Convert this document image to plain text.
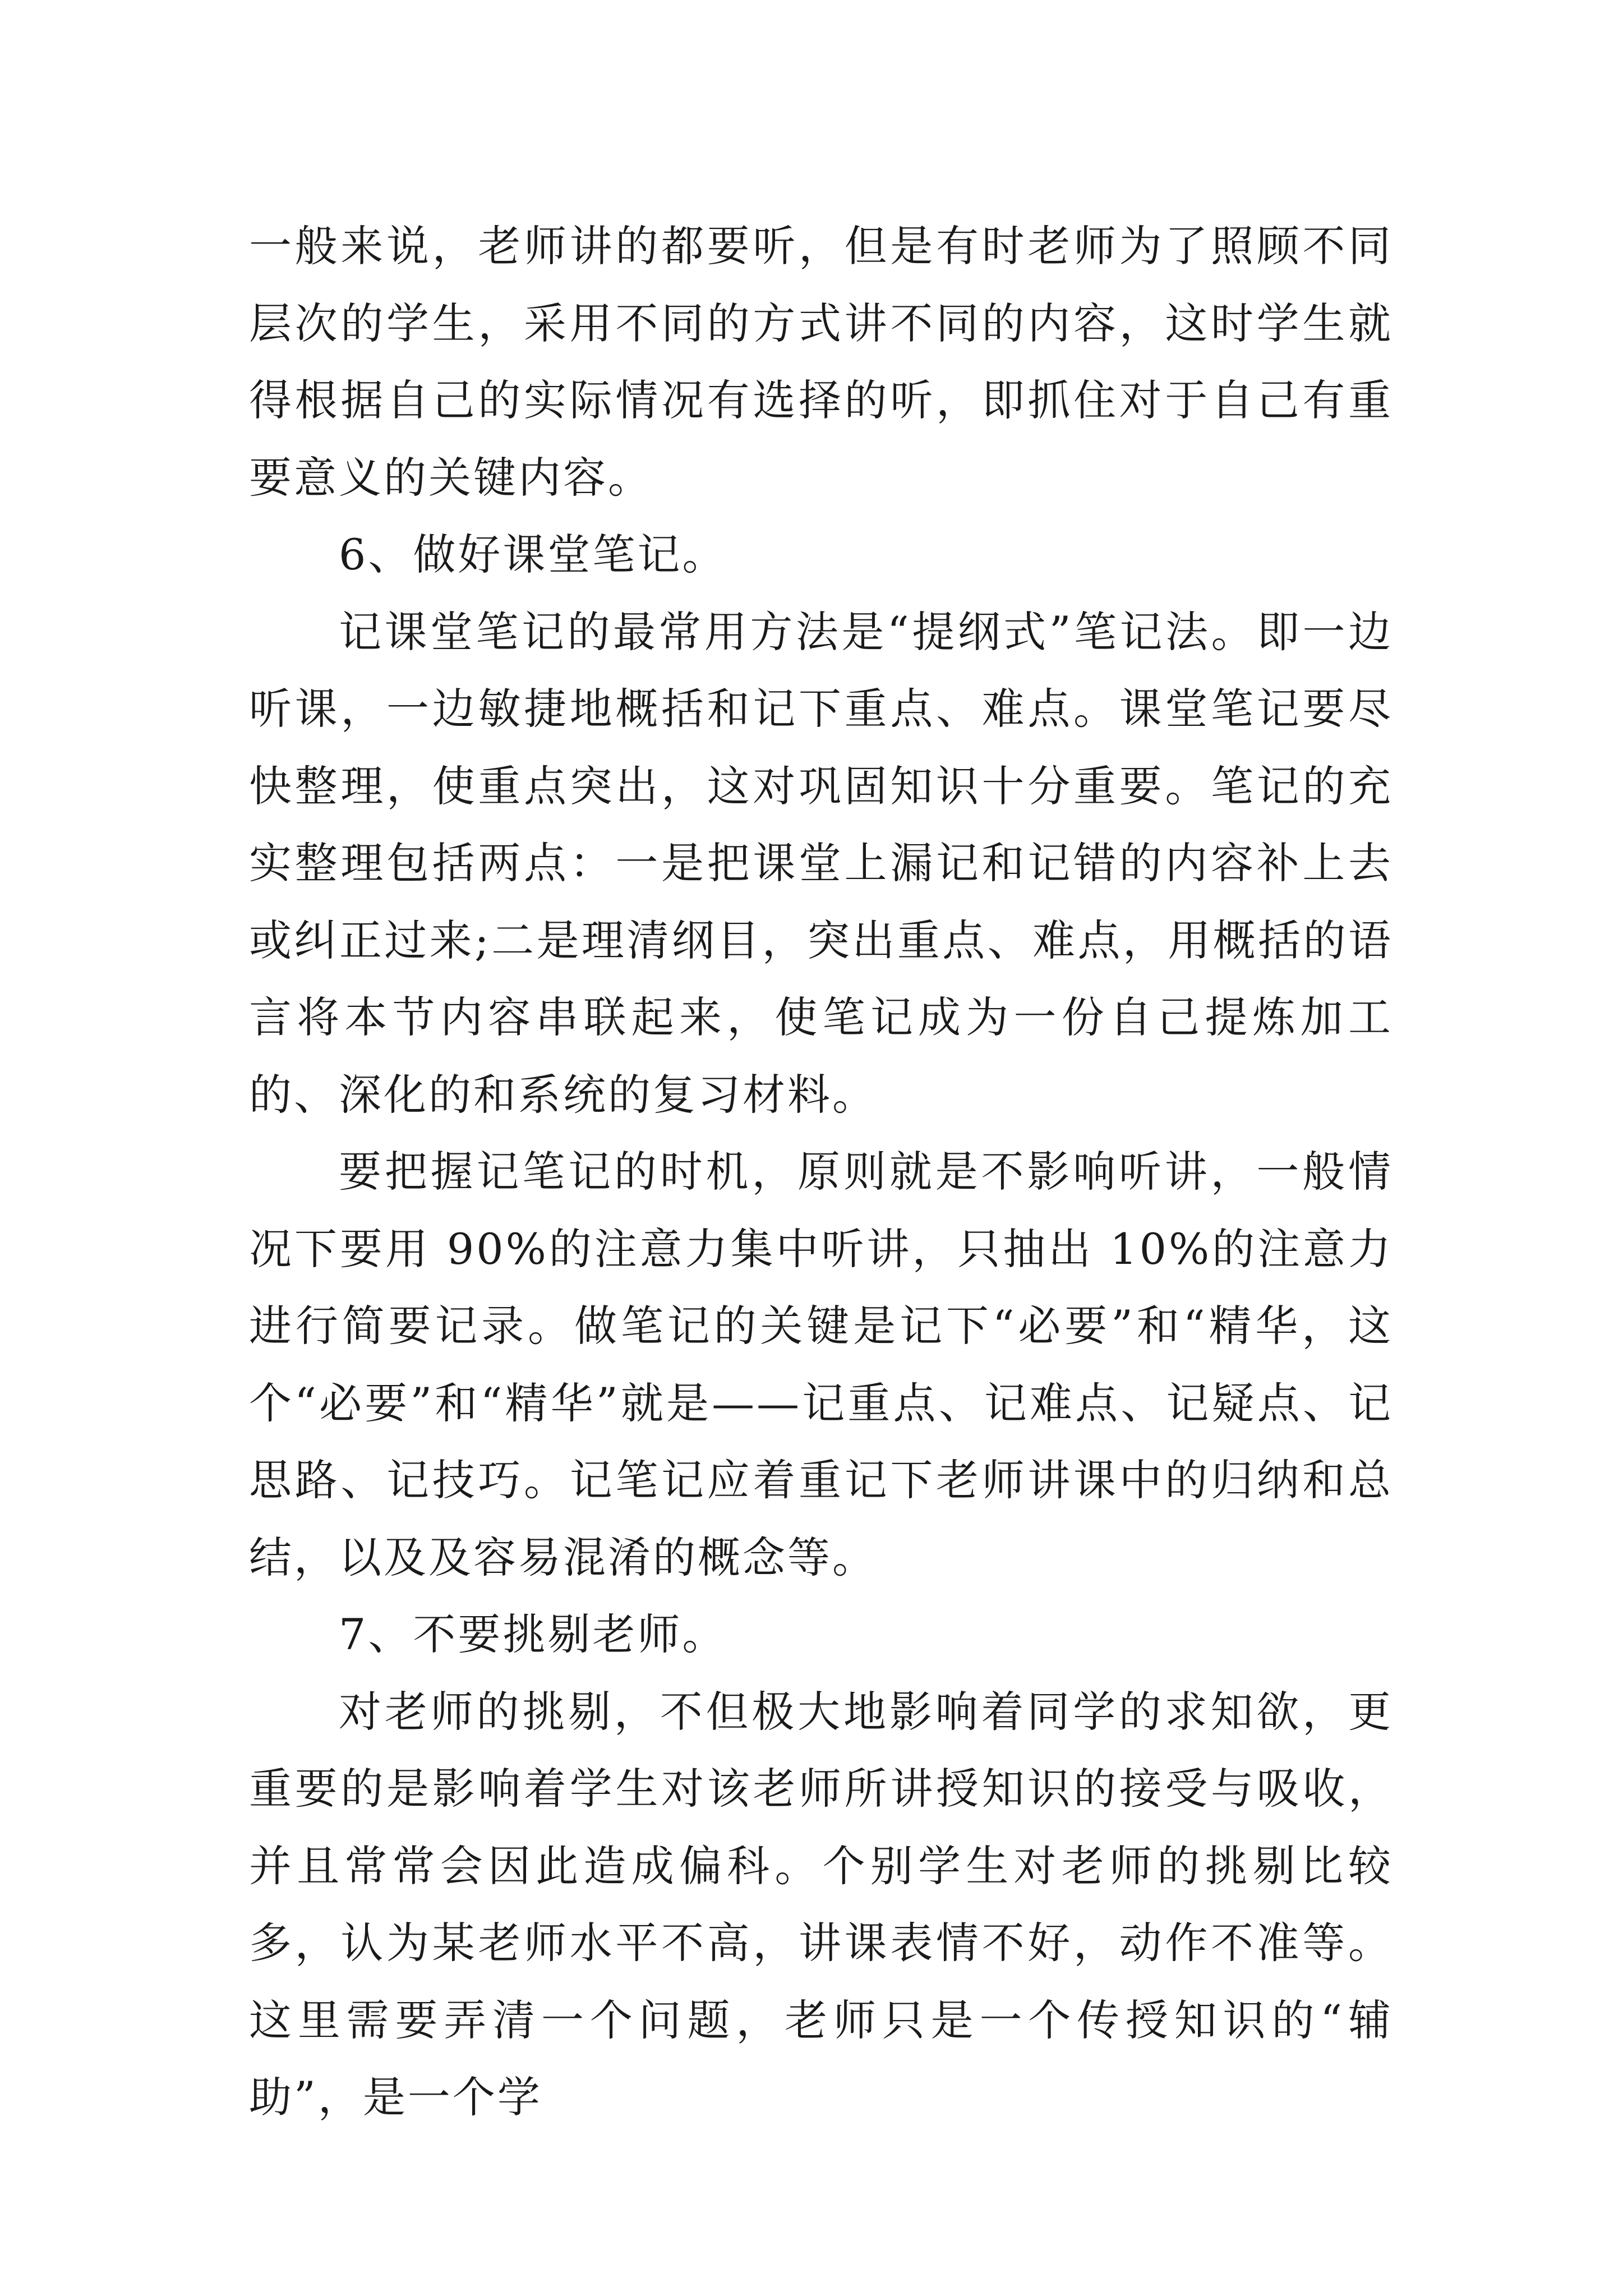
一般来说，老师讲的都要听，但是有时老师为了照顾不同层次的学生，采用不同的方式讲不同的内容，这时学生就得根据自己的实际情况有选择的听，即抓住对于自己有重要意义的关键内容。

6、做好课堂笔记。

记课堂笔记的最常用方法是“提纲式”笔记法。即一边听课，一边敏捷地概括和记下重点、难点。课堂笔记要尽快整理，使重点突出，这对巩固知识十分重要。笔记的充实整理包括两点：一是把课堂上漏记和记错的内容补上去或纠正过来;二是理清纲目，突出重点、难点，用概括的语言将本节内容串联起来，使笔记成为一份自己提炼加工的、深化的和系统的复习材料。

要把握记笔记的时机，原则就是不影响听讲，一般情况下要用 90%的注意力集中听讲，只抽出 10%的注意力进行简要记录。做笔记的关键是记下“必要”和“精华，这个“必要”和“精华”就是——记重点、记难点、记疑点、记思路、记技巧。记笔记应着重记下老师讲课中的归纳和总结，以及及容易混淆的概念等。

7、不要挑剔老师。

对老师的挑剔，不但极大地影响着同学的求知欲，更重要的是影响着学生对该老师所讲授知识的接受与吸收，并且常常会因此造成偏科。个别学生对老师的挑剔比较多，认为某老师水平不高，讲课表情不好，动作不准等。这里需要弄清一个问题，老师只是一个传授知识的“辅助”，是一个学
